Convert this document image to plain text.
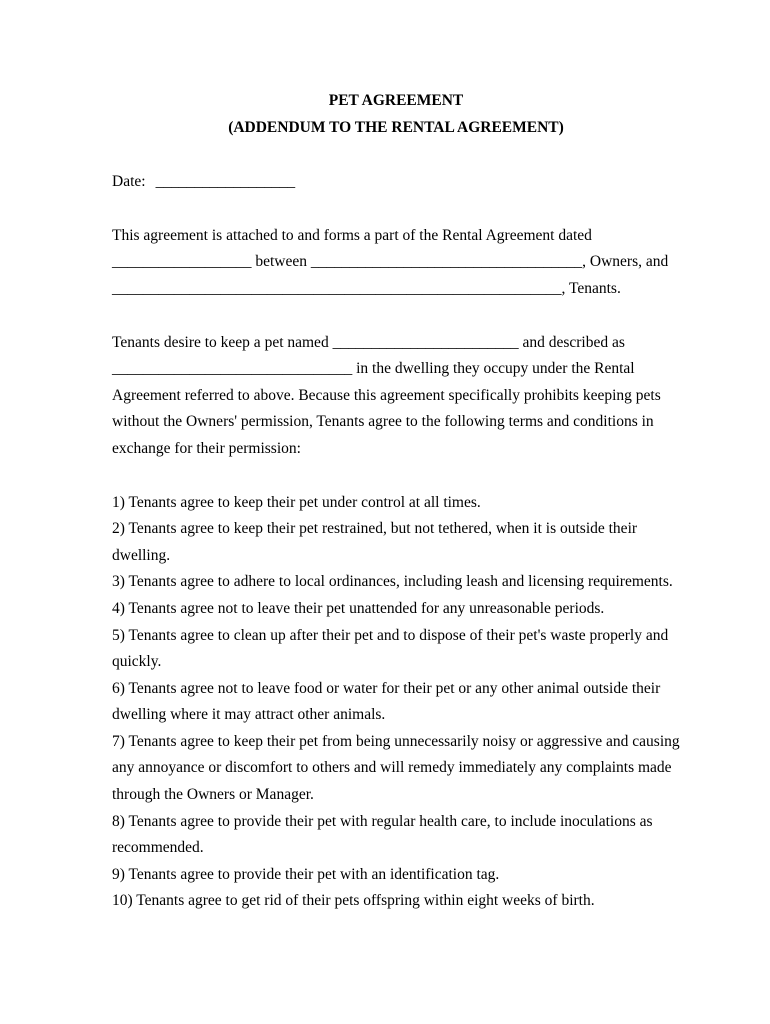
PET AGREEMENT
(ADDENDUM TO THE RENTAL AGREEMENT)
Date: __________________

This agreement is attached to and forms a part of the Rental Agreement dated __________________ between ___________________________________, Owners, and __________________________________________________________, Tenants.

Tenants desire to keep a pet named ________________________ and described as _______________________________ in the dwelling they occupy under the Rental Agreement referred to above. Because this agreement specifically prohibits keeping pets without the Owners' permission, Tenants agree to the following terms and conditions in exchange for their permission:

1) Tenants agree to keep their pet under control at all times.

2) Tenants agree to keep their pet restrained, but not tethered, when it is outside their dwelling.

3) Tenants agree to adhere to local ordinances, including leash and licensing requirements.

4) Tenants agree not to leave their pet unattended for any unreasonable periods.

5) Tenants agree to clean up after their pet and to dispose of their pet's waste properly and quickly.

6) Tenants agree not to leave food or water for their pet or any other animal outside their dwelling where it may attract other animals.

7) Tenants agree to keep their pet from being unnecessarily noisy or aggressive and causing any annoyance or discomfort to others and will remedy immediately any complaints made through the Owners or Manager.

8) Tenants agree to provide their pet with regular health care, to include inoculations as recommended.

9) Tenants agree to provide their pet with an identification tag.

10) Tenants agree to get rid of their pets offspring within eight weeks of birth.
